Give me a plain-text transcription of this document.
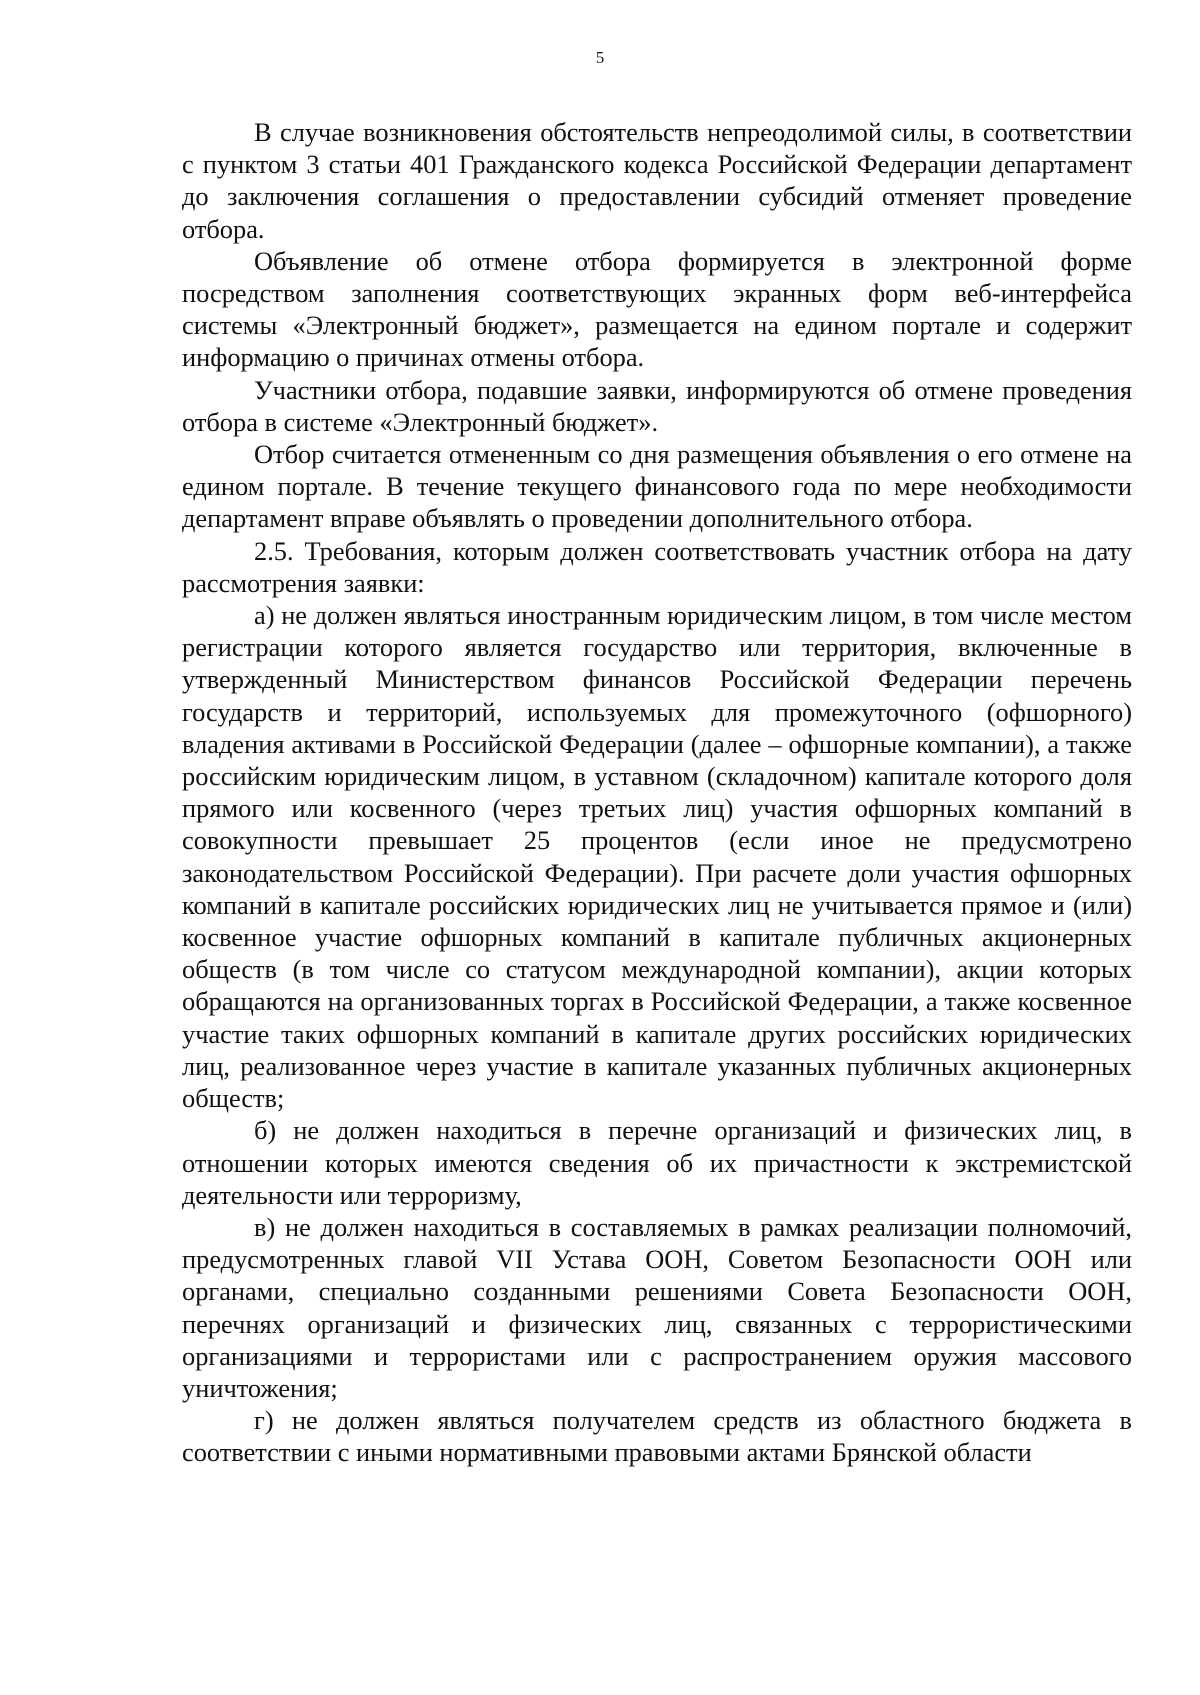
5

В случае возникновения обстоятельств непреодолимой силы, в соответствии с пунктом 3 статьи 401 Гражданского кодекса Российской Федерации департамент до заключения соглашения о предоставлении субсидий отменяет проведение отбора.

Объявление об отмене отбора формируется в электронной форме посредством заполнения соответствующих экранных форм веб-интерфейса системы «Электронный бюджет», размещается на едином портале и содержит информацию о причинах отмены отбора.

Участники отбора, подавшие заявки, информируются об отмене проведения отбора в системе «Электронный бюджет».

Отбор считается отмененным со дня размещения объявления о его отмене на едином портале. В течение текущего финансового года по мере необходимости департамент вправе объявлять о проведении дополнительного отбора.

2.5. Требования, которым должен соответствовать участник отбора на дату рассмотрения заявки:

а) не должен являться иностранным юридическим лицом, в том числе местом регистрации которого является государство или территория, включенные в утвержденный Министерством финансов Российской Федерации перечень государств и территорий, используемых для промежуточного (офшорного) владения активами в Российской Федерации (далее – офшорные компании), а также российским юридическим лицом, в уставном (складочном) капитале которого доля прямого или косвенного (через третьих лиц) участия офшорных компаний в совокупности превышает 25 процентов (если иное не предусмотрено законодательством Российской Федерации). При расчете доли участия офшорных компаний в капитале российских юридических лиц не учитывается прямое и (или) косвенное участие офшорных компаний в капитале публичных акционерных обществ (в том числе со статусом международной компании), акции которых обращаются на организованных торгах в Российской Федерации, а также косвенное участие таких офшорных компаний в капитале других российских юридических лиц, реализованное через участие в капитале указанных публичных акционерных обществ;

б) не должен находиться в перечне организаций и физических лиц, в отношении которых имеются сведения об их причастности к экстремистской деятельности или терроризму,

в) не должен находиться в составляемых в рамках реализации полномочий, предусмотренных главой VII Устава ООН, Советом Безопасности ООН или органами, специально созданными решениями Совета Безопасности ООН, перечнях организаций и физических лиц, связанных с террористическими организациями и террористами или с распространением оружия массового уничтожения;

г) не должен являться получателем средств из областного бюджета в соответствии с иными нормативными правовыми актами Брянской области
